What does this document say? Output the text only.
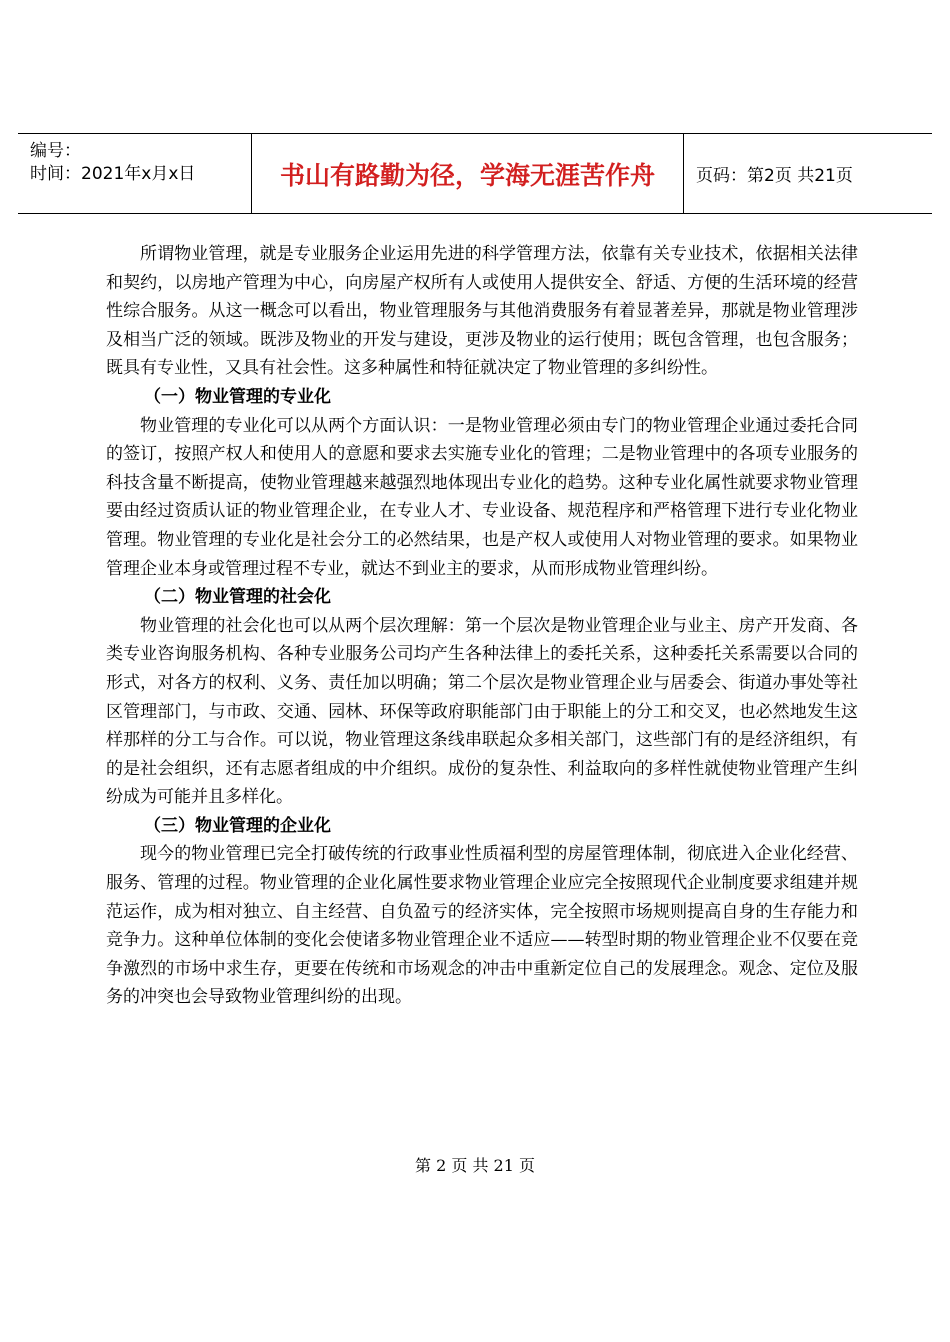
编号：
时间：2021年x月x日	书山有路勤为径，学海无涯苦作舟	页码：第2页 共21页

所谓物业管理，就是专业服务企业运用先进的科学管理方法，依靠有关专业技术，依据相关法律和契约，以房地产管理为中心，向房屋产权所有人或使用人提供安全、舒适、方便的生活环境的经营性综合服务。从这一概念可以看出，物业管理服务与其他消费服务有着显著差异，那就是物业管理涉及相当广泛的领域。既涉及物业的开发与建设，更涉及物业的运行使用；既包含管理，也包含服务；既具有专业性，又具有社会性。这多种属性和特征就决定了物业管理的多纠纷性。

（一）物业管理的专业化

物业管理的专业化可以从两个方面认识：一是物业管理必须由专门的物业管理企业通过委托合同的签订，按照产权人和使用人的意愿和要求去实施专业化的管理；二是物业管理中的各项专业服务的科技含量不断提高，使物业管理越来越强烈地体现出专业化的趋势。这种专业化属性就要求物业管理要由经过资质认证的物业管理企业，在专业人才、专业设备、规范程序和严格管理下进行专业化物业管理。物业管理的专业化是社会分工的必然结果，也是产权人或使用人对物业管理的要求。如果物业管理企业本身或管理过程不专业，就达不到业主的要求，从而形成物业管理纠纷。

（二）物业管理的社会化

物业管理的社会化也可以从两个层次理解：第一个层次是物业管理企业与业主、房产开发商、各类专业咨询服务机构、各种专业服务公司均产生各种法律上的委托关系，这种委托关系需要以合同的形式，对各方的权利、义务、责任加以明确；第二个层次是物业管理企业与居委会、街道办事处等社区管理部门，与市政、交通、园林、环保等政府职能部门由于职能上的分工和交叉，也必然地发生这样那样的分工与合作。可以说，物业管理这条线串联起众多相关部门，这些部门有的是经济组织，有的是社会组织，还有志愿者组成的中介组织。成份的复杂性、利益取向的多样性就使物业管理产生纠纷成为可能并且多样化。

（三）物业管理的企业化

现今的物业管理已完全打破传统的行政事业性质福利型的房屋管理体制，彻底进入企业化经营、服务、管理的过程。物业管理的企业化属性要求物业管理企业应完全按照现代企业制度要求组建并规范运作，成为相对独立、自主经营、自负盈亏的经济实体，完全按照市场规则提高自身的生存能力和竞争力。这种单位体制的变化会使诸多物业管理企业不适应——转型时期的物业管理企业不仅要在竞争激烈的市场中求生存，更要在传统和市场观念的冲击中重新定位自己的发展理念。观念、定位及服务的冲突也会导致物业管理纠纷的出现。

第 2 页 共 21 页
